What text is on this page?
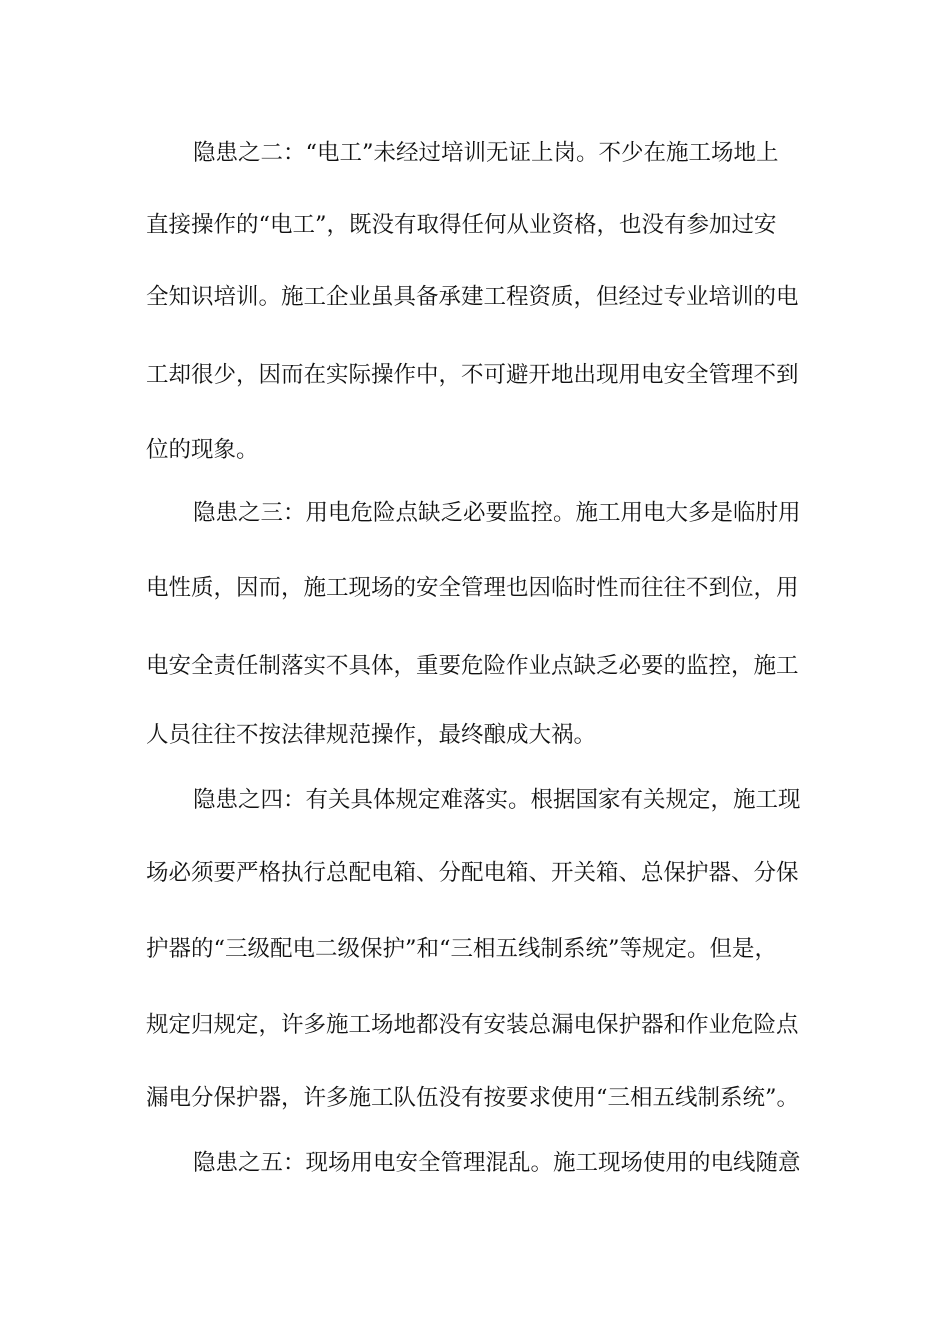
隐患之二：“电工”未经过培训无证上岗。不少在施工场地上
直接操作的“电工”，既没有取得任何从业资格，也没有参加过安
全知识培训。施工企业虽具备承建工程资质，但经过专业培训的电
工却很少，因而在实际操作中，不可避开地出现用电安全管理不到
位的现象。
隐患之三：用电危险点缺乏必要监控。施工用电大多是临肘用
电性质，因而，施工现场的安全管理也因临时性而往往不到位，用
电安全责任制落实不具体，重要危险作业点缺乏必要的监控，施工
人员往往不按法律规范操作，最终酿成大祸。
隐患之四：有关具体规定难落实。根据国家有关规定，施工现
场必须要严格执行总配电箱、分配电箱、开关箱、总保护器、分保
护器的“三级配电二级保护”和“三相五线制系统”等规定。但是，
规定归规定，许多施工场地都没有安装总漏电保护器和作业危险点
漏电分保护器，许多施工队伍没有按要求使用“三相五线制系统”。
隐患之五：现场用电安全管理混乱。施工现场使用的电线随意
